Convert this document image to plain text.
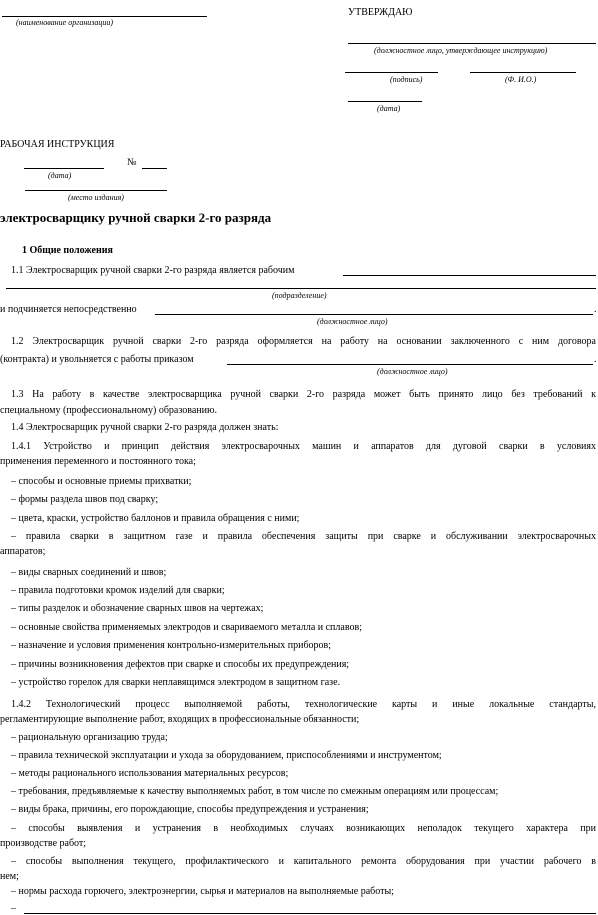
(наименование организации)
УТВЕРЖДАЮ
(должностное лицо, утверждающее инструкцию)
(подпись)	(Ф. И.О.)
(дата)
РАБОЧАЯ ИНСТРУКЦИЯ
№
(дата)
(место издания)
электросварщику ручной сварки 2-го разряда
1 Общие положения
1.1 Электросварщик ручной сварки 2-го разряда является рабочим
(подразделение)
и подчиняется непосредственно	.
(должностное лицо)
1.2 Электросварщик ручной сварки 2-го разряда оформляется на работу на основании заключенного с ним договора
(контракта) и увольняется с работы приказом	.
(должностное лицо)
1.3 На работу в качестве электросварщика ручной сварки 2-го разряда может быть принято лицо без требований к
специальному (профессиональному) образованию.
1.4 Электросварщик ручной сварки 2-го разряда должен знать:
1.4.1 Устройство и принцип действия электросварочных машин и аппаратов для дуговой сварки в условиях
применения переменного и постоянного тока;
– способы и основные приемы прихватки;
– формы раздела швов под сварку;
– цвета, краски, устройство баллонов и правила обращения с ними;
– правила сварки в защитном газе и правила обеспечения защиты при сварке и обслуживании электросварочных
аппаратов;
– виды сварных соединений и швов;
– правила подготовки кромок изделий для сварки;
– типы разделок и обозначение сварных швов на чертежах;
– основные свойства применяемых электродов и свариваемого металла и сплавов;
– назначение и условия применения контрольно-измерительных приборов;
– причины возникновения дефектов при сварке и способы их предупреждения;
– устройство горелок для сварки неплавящимся электродом в защитном газе.
1.4.2 Технологический процесс выполняемой работы, технологические карты и иные локальные стандарты,
регламентирующие выполнение работ, входящих в профессиональные обязанности;
– рациональную организацию труда;
– правила технической эксплуатации и ухода за оборудованием, приспособлениями и инструментом;
– методы рационального использования материальных ресурсов;
– требования, предъявляемые к качеству выполняемых работ, в том числе по смежным операциям или процессам;
– виды брака, причины, его порождающие, способы предупреждения и устранения;
– способы выявления и устранения в необходимых случаях возникающих неполадок текущего характера при
производстве работ;
– способы выполнения текущего, профилактического и капитального ремонта оборудования при участии рабочего в
нем;
– нормы расхода горючего, электроэнергии, сырья и материалов на выполняемые работы;
–
